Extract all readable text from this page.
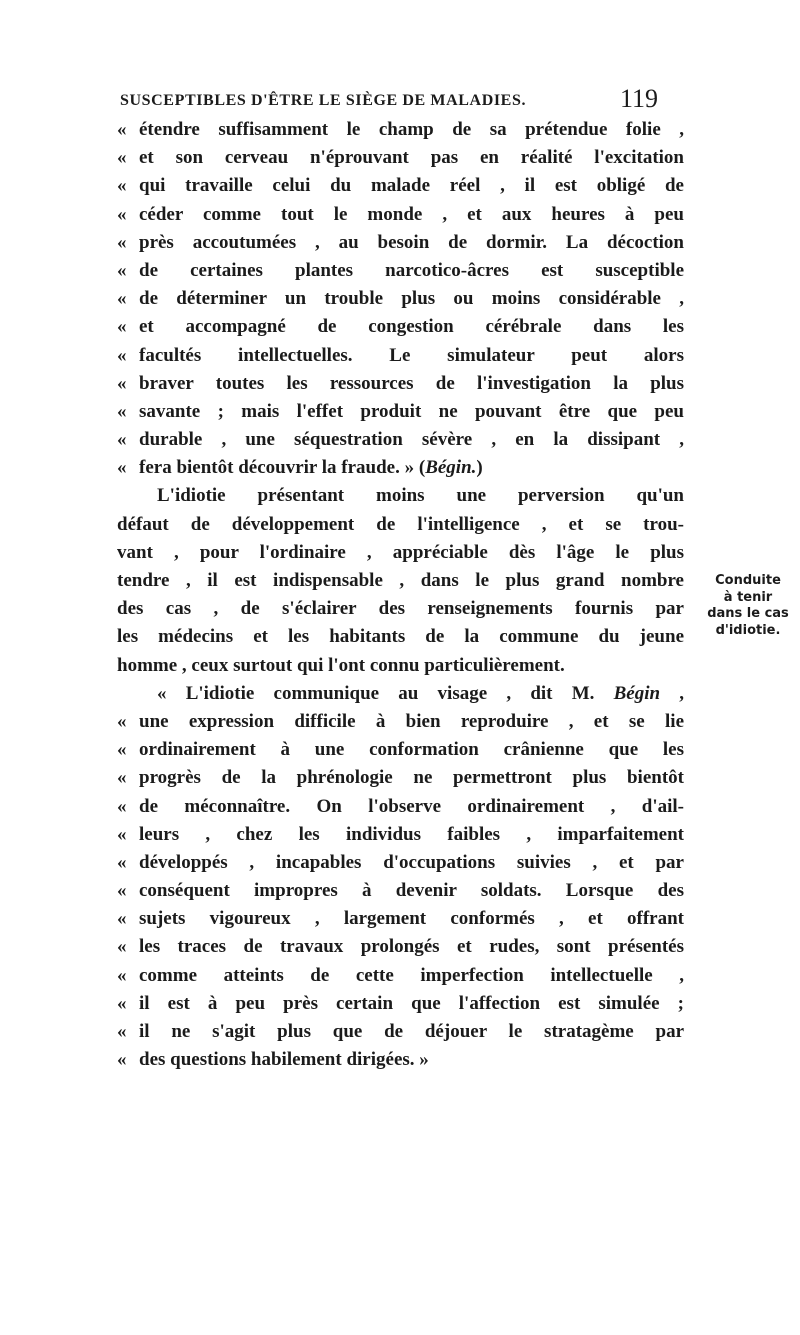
SUSCEPTIBLES D'ÊTRE LE SIÈGE DE MALADIES.	119
« étendre suffisamment le champ de sa prétendue folie ,
« et son cerveau n'éprouvant pas en réalité l'excitation
« qui travaille celui du malade réel , il est obligé de
« céder comme tout le monde , et aux heures à peu
« près accoutumées , au besoin de dormir. La décoction
« de certaines plantes narcotico-âcres est susceptible
« de déterminer un trouble plus ou moins considérable ,
« et accompagné de congestion cérébrale dans les
« facultés intellectuelles. Le simulateur peut alors
« braver toutes les ressources de l'investigation la plus
« savante ; mais l'effet produit ne pouvant être que peu
« durable , une séquestration sévère , en la dissipant ,
« fera bientôt découvrir la fraude. » (Bégin.)
L'idiotie présentant moins une perversion qu'un
défaut de développement de l'intelligence , et se trou-
vant , pour l'ordinaire , appréciable dès l'âge le plus
tendre , il est indispensable , dans le plus grand nombre
des cas , de s'éclairer des renseignements fournis par
les médecins et les habitants de la commune du jeune
homme , ceux surtout qui l'ont connu particulièrement.
« L'idiotie communique au visage , dit M. Bégin ,
« une expression difficile à bien reproduire , et se lie
« ordinairement à une conformation crânienne que les
« progrès de la phrénologie ne permettront plus bientôt
« de méconnaître. On l'observe ordinairement , d'ail-
« leurs , chez les individus faibles , imparfaitement
« développés , incapables d'occupations suivies , et par
« conséquent impropres à devenir soldats. Lorsque des
« sujets vigoureux , largement conformés , et offrant
« les traces de travaux prolongés et rudes, sont présentés
« comme atteints de cette imperfection intellectuelle ,
« il est à peu près certain que l'affection est simulée ;
« il ne s'agit plus que de déjouer le stratagème par
« des questions habilement dirigées. »
Conduite
à tenir
dans le cas
d'idiotie.
